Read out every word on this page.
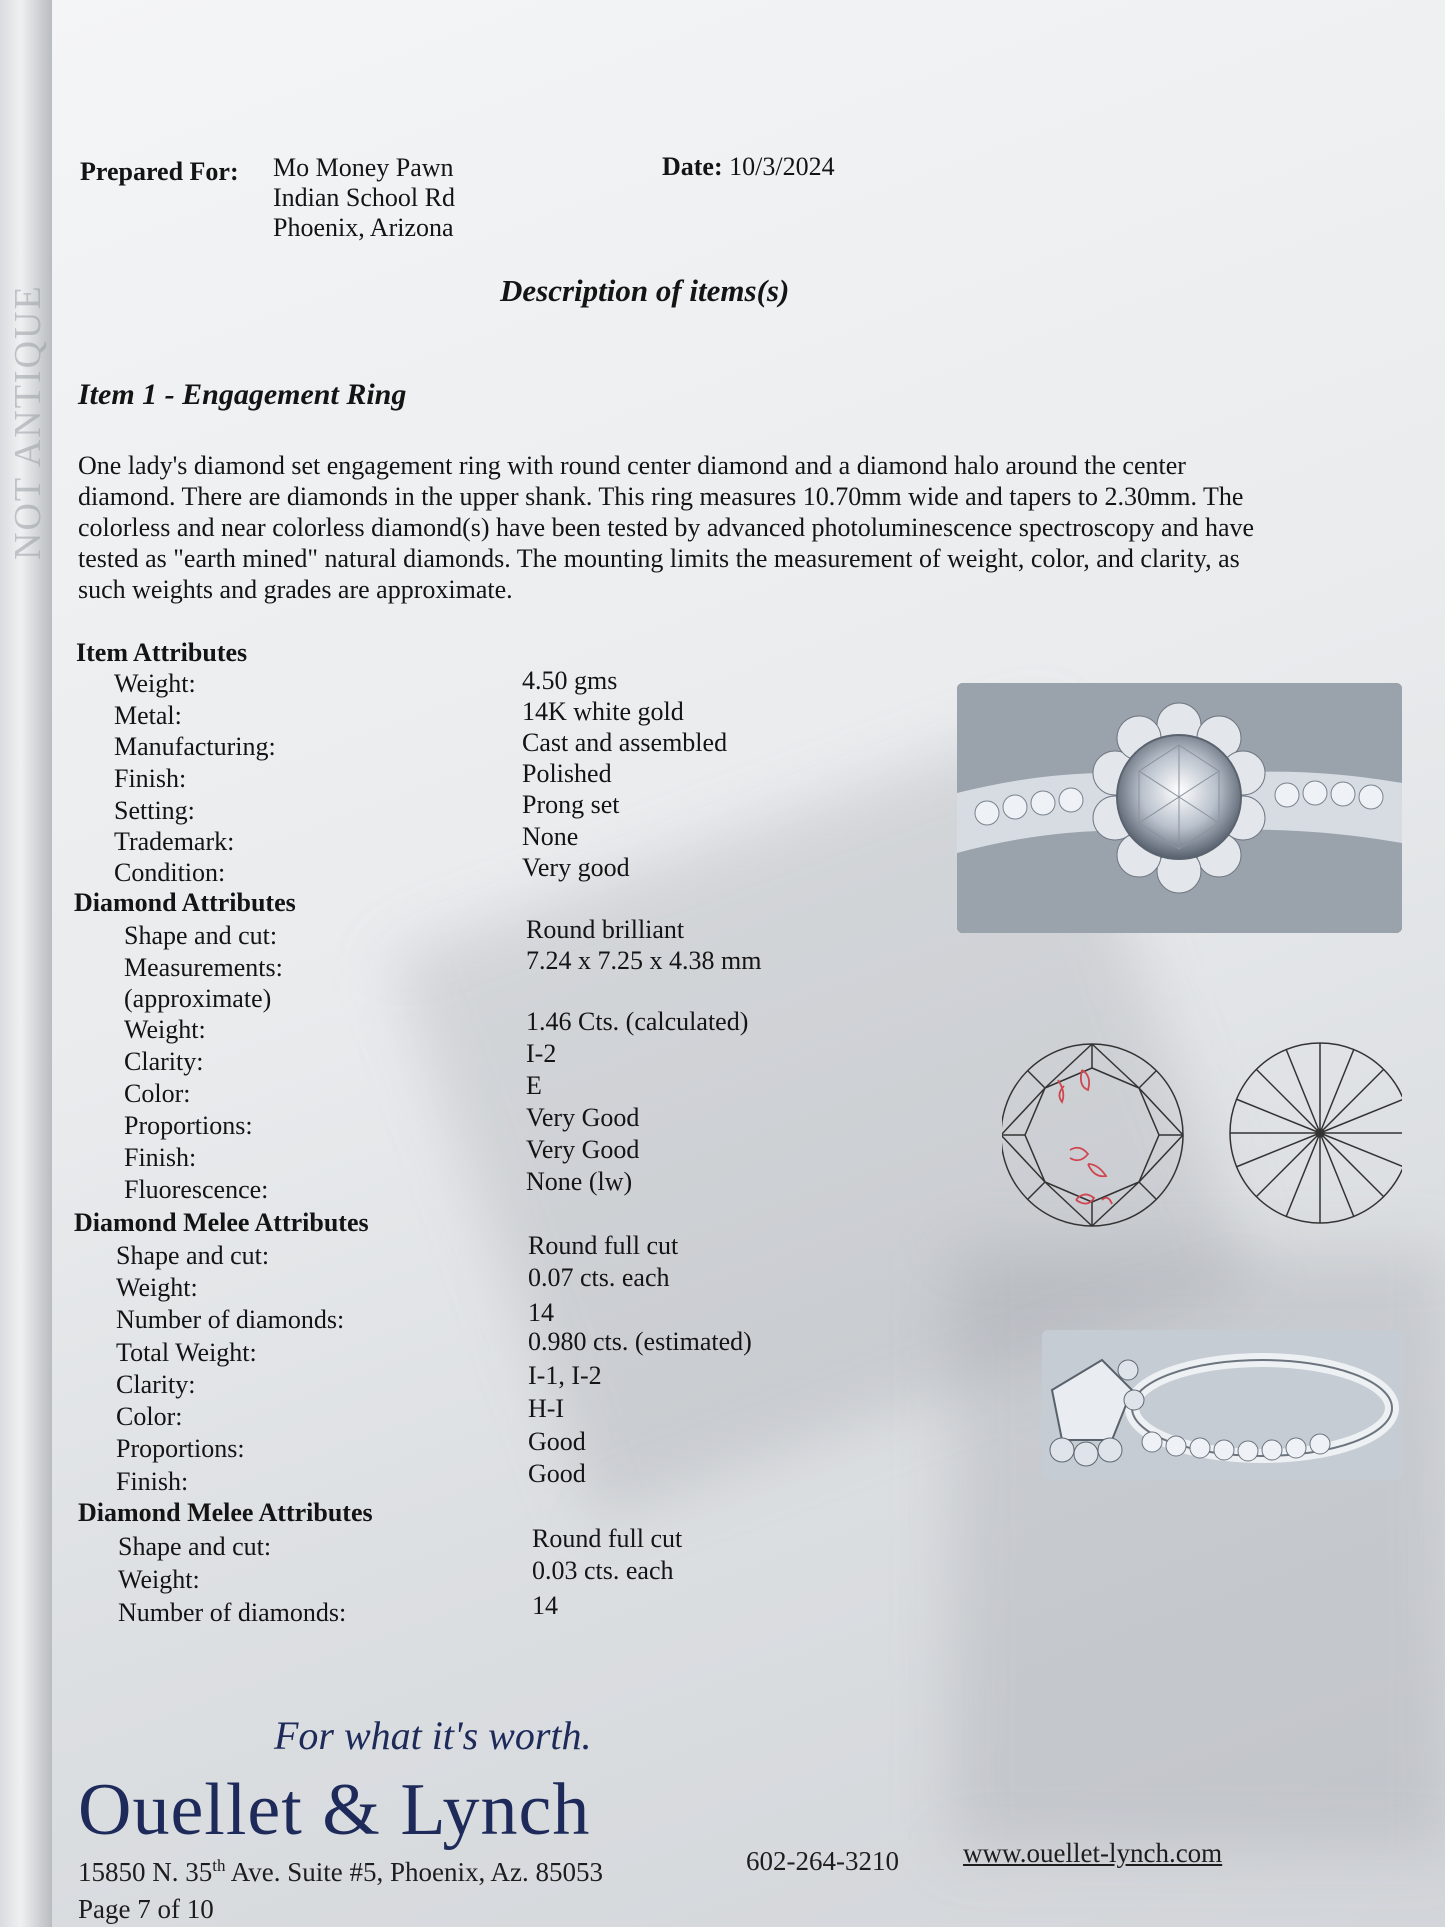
NOT ANTIQUE
Prepared For: Mo Money Pawn
Indian School Rd
Phoenix, Arizona
Date: 10/3/2024
Description of items(s)
Item 1 - Engagement Ring
One lady's diamond set engagement ring with round center diamond and a diamond halo around the center diamond. There are diamonds in the upper shank. This ring measures 10.70mm wide and tapers to 2.30mm. The colorless and near colorless diamond(s) have been tested by advanced photoluminescence spectroscopy and have tested as "earth mined" natural diamonds. The mounting limits the measurement of weight, color, and clarity, as such weights and grades are approximate.
Item Attributes
Weight:	4.50 gms
Metal:	14K white gold
Manufacturing:	Cast and assembled
Finish:	Polished
Setting:	Prong set
Trademark:	None
Condition:	Very good
Diamond Attributes
Shape and cut:	Round brilliant
Measurements:	7.24 x 7.25 x 4.38 mm
(approximate)
Weight:	1.46 Cts. (calculated)
Clarity:	I-2
Color:	E
Proportions:	Very Good
Finish:	Very Good
Fluorescence:	None (lw)
Diamond Melee Attributes
Shape and cut:	Round full cut
Weight:	0.07 cts. each
Number of diamonds:	14
Total Weight:	0.980 cts. (estimated)
Clarity:	I-1, I-2
Color:	H-I
Proportions:	Good
Finish:	Good
Diamond Melee Attributes
Shape and cut:	Round full cut
Weight:	0.03 cts. each
Number of diamonds:	14
For what it's worth.
Ouellet & Lynch
15850 N. 35th Ave. Suite #5, Phoenix, Az. 85053	602-264-3210 www.ouellet-lynch.com
Page 7 of 10
